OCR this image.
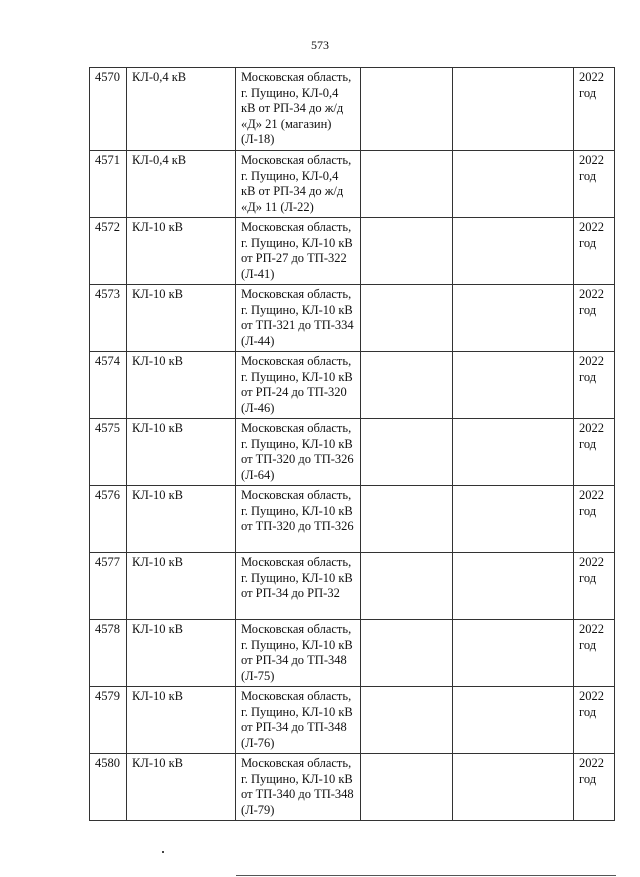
573
4570	КЛ-0,4 кВ	Московская область,
г. Пущино, КЛ-0,4
кВ от РП-34 до ж/д
«Д» 21 (магазин)
(Л-18)			2022
год
4571	КЛ-0,4 кВ	Московская область,
г. Пущино, КЛ-0,4
кВ от РП-34 до ж/д
«Д» 11 (Л-22)			2022
год
4572	КЛ-10 кВ	Московская область,
г. Пущино, КЛ-10 кВ
от РП-27 до ТП-322
(Л-41)			2022
год
4573	КЛ-10 кВ	Московская область,
г. Пущино, КЛ-10 кВ
от ТП-321 до ТП-334
(Л-44)			2022
год
4574	КЛ-10 кВ	Московская область,
г. Пущино, КЛ-10 кВ
от РП-24 до ТП-320
(Л-46)			2022
год
4575	КЛ-10 кВ	Московская область,
г. Пущино, КЛ-10 кВ
от ТП-320 до ТП-326
(Л-64)			2022
год
4576	КЛ-10 кВ	Московская область,
г. Пущино, КЛ-10 кВ
от ТП-320 до ТП-326			2022
год
4577	КЛ-10 кВ	Московская область,
г. Пущино, КЛ-10 кВ
от РП-34 до РП-32			2022
год
4578	КЛ-10 кВ	Московская область,
г. Пущино, КЛ-10 кВ
от РП-34 до ТП-348
(Л-75)			2022
год
4579	КЛ-10 кВ	Московская область,
г. Пущино, КЛ-10 кВ
от РП-34 до ТП-348
(Л-76)			2022
год
4580	КЛ-10 кВ	Московская область,
г. Пущино, КЛ-10 кВ
от ТП-340 до ТП-348
(Л-79)			2022
год
